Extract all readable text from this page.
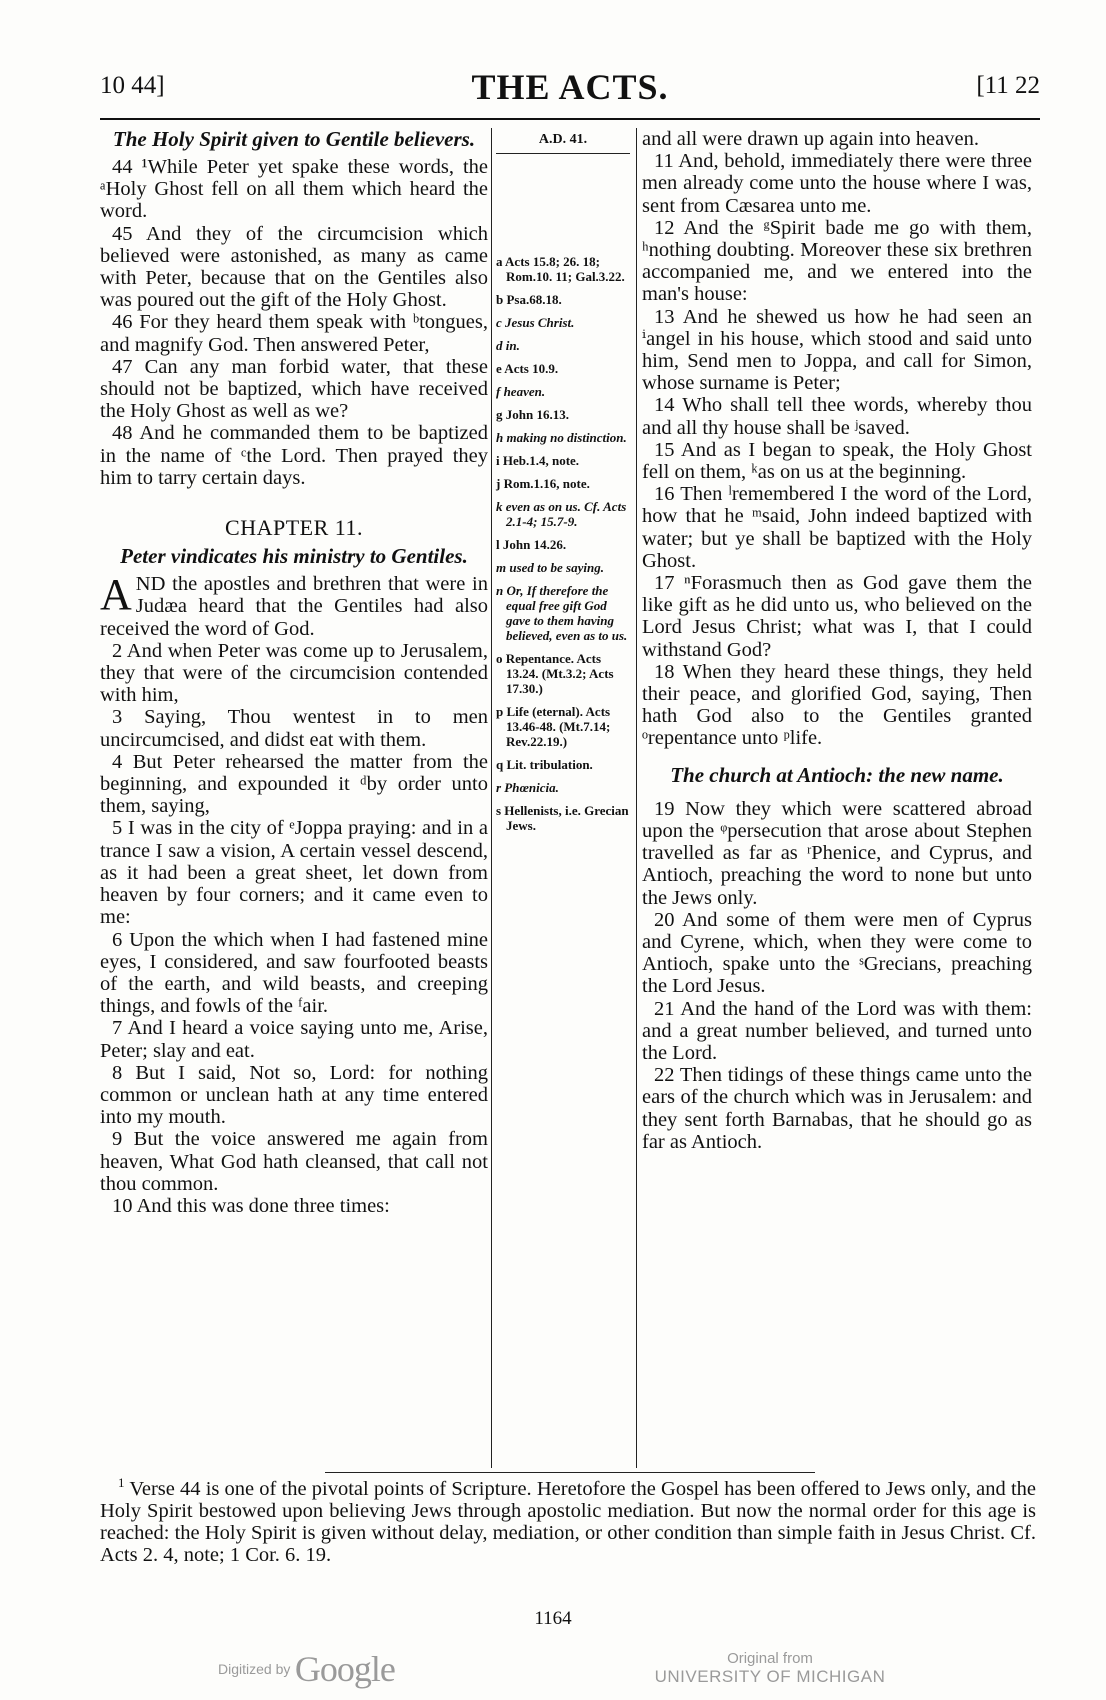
10 44]	THE ACTS.	[11 22
The Holy Spirit given to Gentile believers.

44 ¹While Peter yet spake these words, the ᵃHoly Ghost fell on all them which heard the word.

45 And they of the circumcision which believed were astonished, as many as came with Peter, because that on the Gentiles also was poured out the gift of the Holy Ghost.

46 For they heard them speak with ᵇtongues, and magnify God. Then answered Peter,

47 Can any man forbid water, that these should not be baptized, which have received the Holy Ghost as well as we?

48 And he commanded them to be baptized in the name of ᶜthe Lord. Then prayed they him to tarry certain days.

CHAPTER 11.
Peter vindicates his ministry to Gentiles.

AND the apostles and brethren that were in Judæa heard that the Gentiles had also received the word of God.

2 And when Peter was come up to Jerusalem, they that were of the circumcision contended with him,

3 Saying, Thou wentest in to men uncircumcised, and didst eat with them.

4 But Peter rehearsed the matter from the beginning, and expounded it ᵈby order unto them, saying,

5 I was in the city of ᵉJoppa praying: and in a trance I saw a vision, A certain vessel descend, as it had been a great sheet, let down from heaven by four corners; and it came even to me:

6 Upon the which when I had fastened mine eyes, I considered, and saw fourfooted beasts of the earth, and wild beasts, and creeping things, and fowls of the ᶠair.

7 And I heard a voice saying unto me, Arise, Peter; slay and eat.

8 But I said, Not so, Lord: for nothing common or unclean hath at any time entered into my mouth.

9 But the voice answered me again from heaven, What God hath cleansed, that call not thou common.

10 And this was done three times:

A.D. 41.
a Acts 15.8; 26. 18; Rom.10. 11; Gal.3.22.
b Psa.68.18.
c Jesus Christ.
d in.
e Acts 10.9.
f heaven.
g John 16.13.
h making no distinction.
i Heb.1.4, note.
j Rom.1.16, note.
k even as on us. Cf. Acts 2.1-4; 15.7-9.
l John 14.26.
m used to be saying.
n Or, If therefore the equal free gift God gave to them having believed, even as to us.
o Repentance. Acts 13.24. (Mt.3.2; Acts 17.30.)
p Life (eternal). Acts 13.46-48. (Mt.7.14; Rev.22.19.)
q Lit. tribulation.
r Phœnicia.
s Hellenists, i.e. Grecian Jews.

and all were drawn up again into heaven.

11 And, behold, immediately there were three men already come unto the house where I was, sent from Cæsarea unto me.

12 And the ᵍSpirit bade me go with them, ʰnothing doubting. Moreover these six brethren accompanied me, and we entered into the man's house:

13 And he shewed us how he had seen an ⁱangel in his house, which stood and said unto him, Send men to Joppa, and call for Simon, whose surname is Peter;

14 Who shall tell thee words, whereby thou and all thy house shall be ʲsaved.

15 And as I began to speak, the Holy Ghost fell on them, ᵏas on us at the beginning.

16 Then ˡremembered I the word of the Lord, how that he ᵐsaid, John indeed baptized with water; but ye shall be baptized with the Holy Ghost.

17 ⁿForasmuch then as God gave them the like gift as he did unto us, who believed on the Lord Jesus Christ; what was I, that I could withstand God?

18 When they heard these things, they held their peace, and glorified God, saying, Then hath God also to the Gentiles granted ᵒrepentance unto ᵖlife.

The church at Antioch: the new name.

19 Now they which were scattered abroad upon the ᵠpersecution that arose about Stephen travelled as far as ʳPhenice, and Cyprus, and Antioch, preaching the word to none but unto the Jews only.

20 And some of them were men of Cyprus and Cyrene, which, when they were come to Antioch, spake unto the ˢGrecians, preaching the Lord Jesus.

21 And the hand of the Lord was with them: and a great number believed, and turned unto the Lord.

22 Then tidings of these things came unto the ears of the church which was in Jerusalem: and they sent forth Barnabas, that he should go as far as Antioch.

$^1$ Verse 44 is one of the pivotal points of Scripture. Heretofore the Gospel has been offered to Jews only, and the Holy Spirit bestowed upon believing Jews through apostolic mediation. But now the normal order for this age is reached: the Holy Spirit is given without delay, mediation, or other condition than simple faith in Jesus Christ. Cf. Acts 2. 4, note; 1 Cor. 6. 19.
1164
Digitized by Google	Original from
UNIVERSITY OF MICHIGAN
